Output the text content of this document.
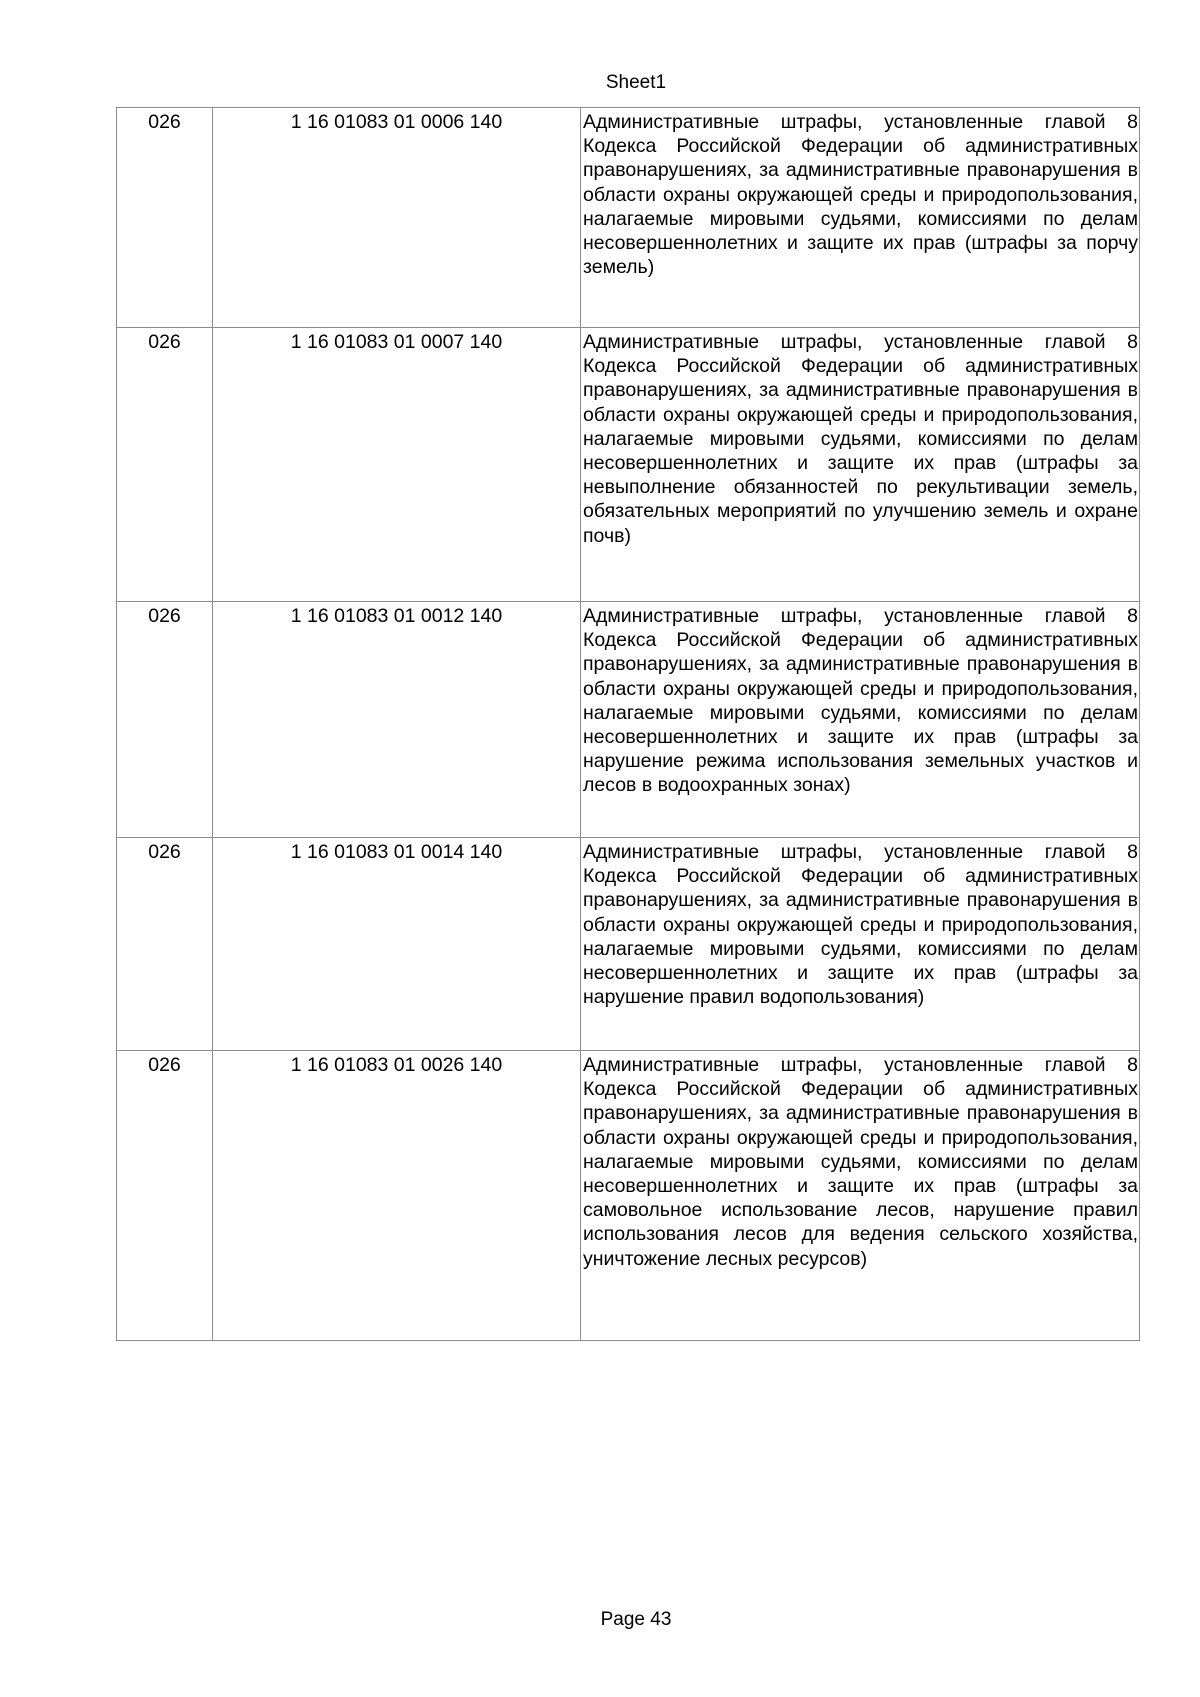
Sheet1
026	1 16 01083 01 0006 140	Административные штрафы, установленные главой 8 Кодекса Российской Федерации об административных правонарушениях, за административные правонарушения в области охраны окружающей среды и природопользования, налагаемые мировыми судьями, комиссиями по делам несовершеннолетних и защите их прав (штрафы за порчу земель)
026	1 16 01083 01 0007 140	Административные штрафы, установленные главой 8 Кодекса Российской Федерации об административных правонарушениях, за административные правонарушения в области охраны окружающей среды и природопользования, налагаемые мировыми судьями, комиссиями по делам несовершеннолетних и защите их прав (штрафы за невыполнение обязанностей по рекультивации земель, обязательных мероприятий по улучшению земель и охране почв)
026	1 16 01083 01 0012 140	Административные штрафы, установленные главой 8 Кодекса Российской Федерации об административных правонарушениях, за административные правонарушения в области охраны окружающей среды и природопользования, налагаемые мировыми судьями, комиссиями по делам несовершеннолетних и защите их прав (штрафы за нарушение режима использования земельных участков и лесов в водоохранных зонах)
026	1 16 01083 01 0014 140	Административные штрафы, установленные главой 8 Кодекса Российской Федерации об административных правонарушениях, за административные правонарушения в области охраны окружающей среды и природопользования, налагаемые мировыми судьями, комиссиями по делам несовершеннолетних и защите их прав (штрафы за нарушение правил водопользования)
026	1 16 01083 01 0026 140	Административные штрафы, установленные главой 8 Кодекса Российской Федерации об административных правонарушениях, за административные правонарушения в области охраны окружающей среды и природопользования, налагаемые мировыми судьями, комиссиями по делам несовершеннолетних и защите их прав (штрафы за самовольное использование лесов, нарушение правил использования лесов для ведения сельского хозяйства, уничтожение лесных ресурсов)
Page 43
